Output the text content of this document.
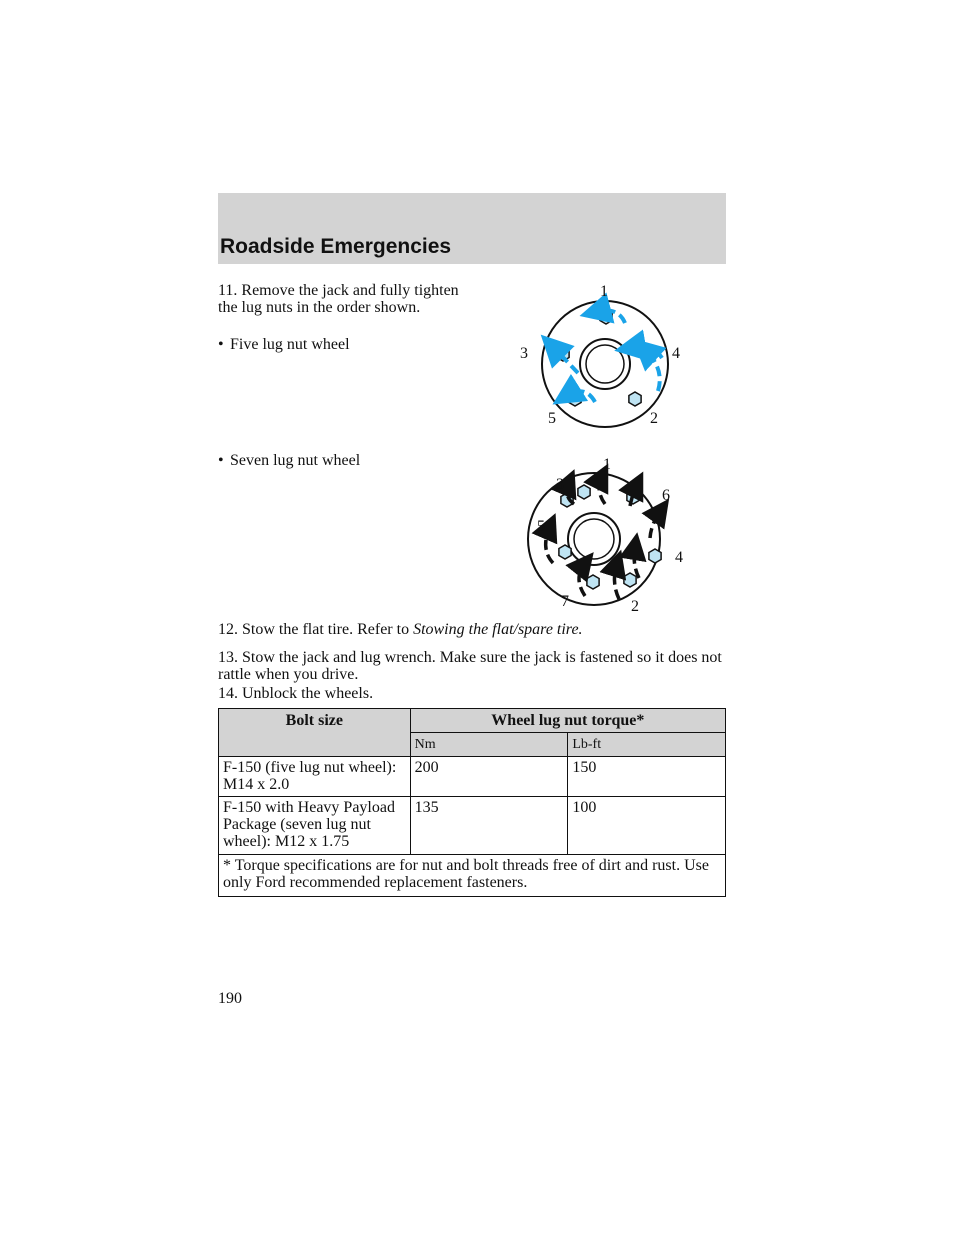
Roadside Emergencies

11. Remove the jack and fully tighten the lug nuts in the order shown.

• Five lug nut wheel
1
2
3	4
5
• Seven lug nut wheel	1
2
3
4
5
6
7

12. Stow the flat tire. Refer to Stowing the flat/spare tire.

13. Stow the jack and lug wrench. Make sure the jack is fastened so it does not rattle when you drive.

14. Unblock the wheels.

Bolt size	Wheel lug nut torque*	
	Nm	Lb-ft
F-150 (five lug nut wheel): M14 x 2.0	200	150
F-150 with Heavy Payload Package (seven lug nut wheel): M12 x 1.75	135	100
* Torque specifications are for nut and bolt threads free of dirt and rust. Use only Ford recommended replacement fasteners.		
190
